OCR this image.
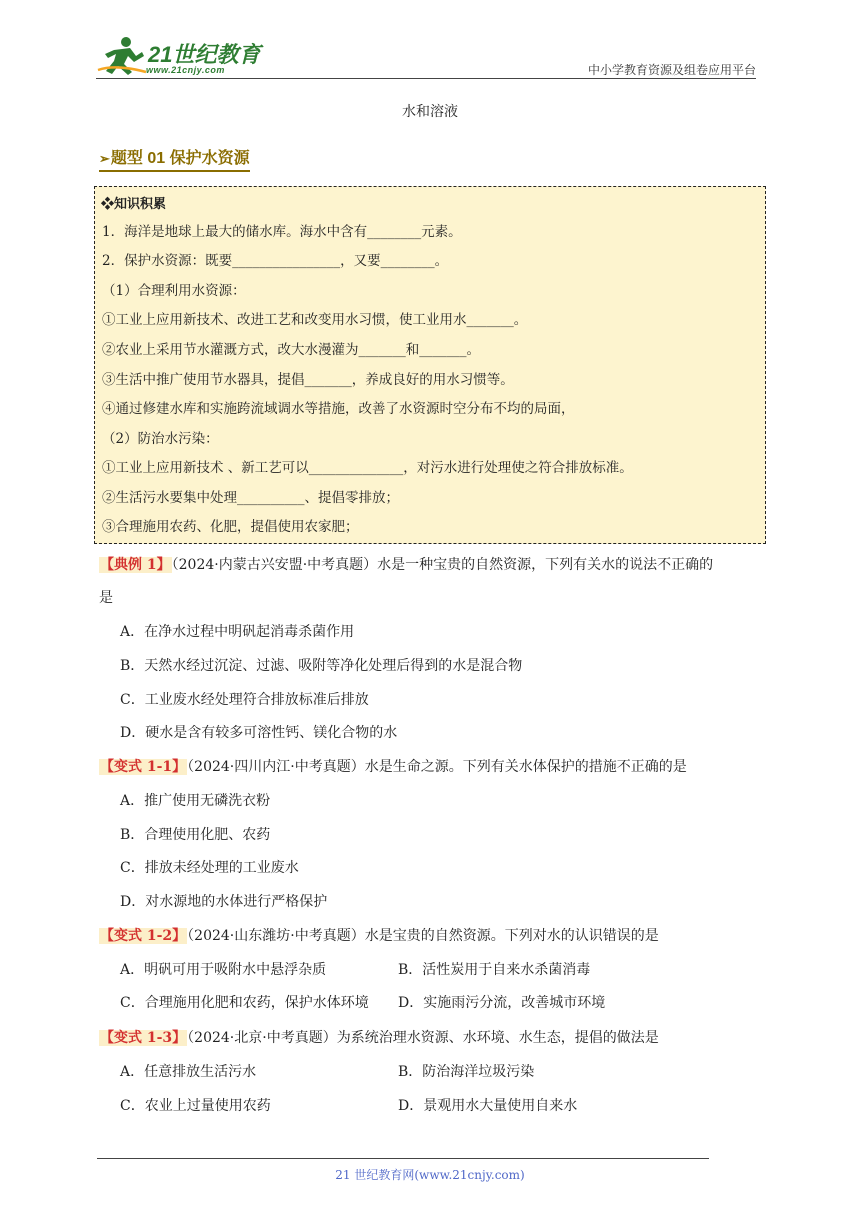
21世纪教育
www.21cnjy.com	中小学教育资源及组卷应用平台
水和溶液
➢题型 01 保护水资源
❖知识积累
1．海洋是地球上最大的储水库。海水中含有________元素。
2．保护水资源：既要________________，又要________。
（1）合理利用水资源：
①工业上应用新技术、改进工艺和改变用水习惯，使工业用水_______。
②农业上采用节水灌溉方式，改大水漫灌为_______和_______。
③生活中推广使用节水器具，提倡_______，养成良好的用水习惯等。
④通过修建水库和实施跨流域调水等措施，改善了水资源时空分布不均的局面，
（2）防治水污染：
①工业上应用新技术 、新工艺可以______________，对污水进行处理使之符合排放标准。
②生活污水要集中处理__________、提倡零排放；
③合理施用农药、化肥，提倡使用农家肥；
【典例 1】（2024·内蒙古兴安盟·中考真题）水是一种宝贵的自然资源，下列有关水的说法不正确的
是
A．在净水过程中明矾起消毒杀菌作用
B．天然水经过沉淀、过滤、吸附等净化处理后得到的水是混合物
C．工业废水经处理符合排放标准后排放
D．硬水是含有较多可溶性钙、镁化合物的水
【变式 1-1】（2024·四川内江·中考真题）水是生命之源。下列有关水体保护的措施不正确的是
A．推广使用无磷洗衣粉
B．合理使用化肥、农药
C．排放未经处理的工业废水
D．对水源地的水体进行严格保护
【变式 1-2】（2024·山东潍坊·中考真题）水是宝贵的自然资源。下列对水的认识错误的是
A．明矾可用于吸附水中悬浮杂质	B．活性炭用于自来水杀菌消毒
C．合理施用化肥和农药，保护水体环境 D．实施雨污分流，改善城市环境
【变式 1-3】（2024·北京·中考真题）为系统治理水资源、水环境、水生态，提倡的做法是
A．任意排放生活污水	B．防治海洋垃圾污染
C．农业上过量使用农药	D．景观用水大量使用自来水
21 世纪教育网(www.21cnjy.com)
